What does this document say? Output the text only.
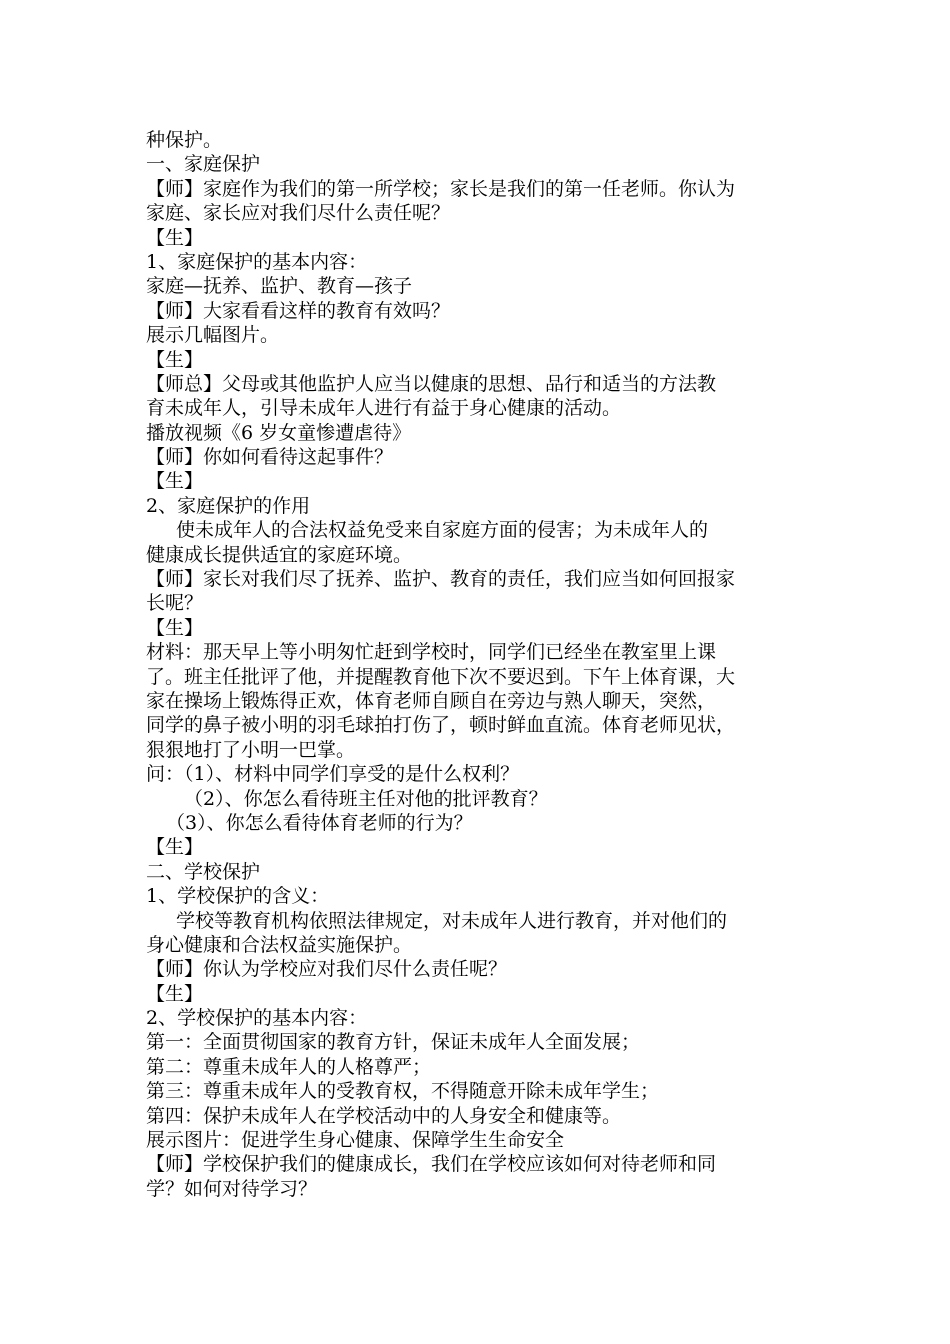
种保护。
一、家庭保护
【师】家庭作为我们的第一所学校；家长是我们的第一任老师。你认为
家庭、家长应对我们尽什么责任呢？
【生】
1、家庭保护的基本内容：
家庭—抚养、监护、教育—孩子
【师】大家看看这样的教育有效吗？
展示几幅图片。
【生】
【师总】父母或其他监护人应当以健康的思想、品行和适当的方法教
育未成年人，引导未成年人进行有益于身心健康的活动。
播放视频《6 岁女童惨遭虐待》
【师】你如何看待这起事件？
【生】
2、家庭保护的作用
使未成年人的合法权益免受来自家庭方面的侵害；为未成年人的
健康成长提供适宜的家庭环境。
【师】家长对我们尽了抚养、监护、教育的责任，我们应当如何回报家
长呢？
【生】
材料：那天早上等小明匆忙赶到学校时，同学们已经坐在教室里上课
了。班主任批评了他，并提醒教育他下次不要迟到。下午上体育课，大
家在操场上锻炼得正欢，体育老师自顾自在旁边与熟人聊天，突然，
同学的鼻子被小明的羽毛球拍打伤了，顿时鲜血直流。体育老师见状，
狠狠地打了小明一巴掌。
问：（1）、材料中同学们享受的是什么权利？
（2）、你怎么看待班主任对他的批评教育？
（3）、你怎么看待体育老师的行为？
【生】
二、学校保护
1、学校保护的含义：
学校等教育机构依照法律规定，对未成年人进行教育，并对他们的
身心健康和合法权益实施保护。
【师】你认为学校应对我们尽什么责任呢？
【生】
2、学校保护的基本内容：
第一：全面贯彻国家的教育方针，保证未成年人全面发展；
第二：尊重未成年人的人格尊严；
第三：尊重未成年人的受教育权，不得随意开除未成年学生；
第四：保护未成年人在学校活动中的人身安全和健康等。
展示图片：促进学生身心健康、保障学生生命安全
【师】学校保护我们的健康成长，我们在学校应该如何对待老师和同
学？如何对待学习？
